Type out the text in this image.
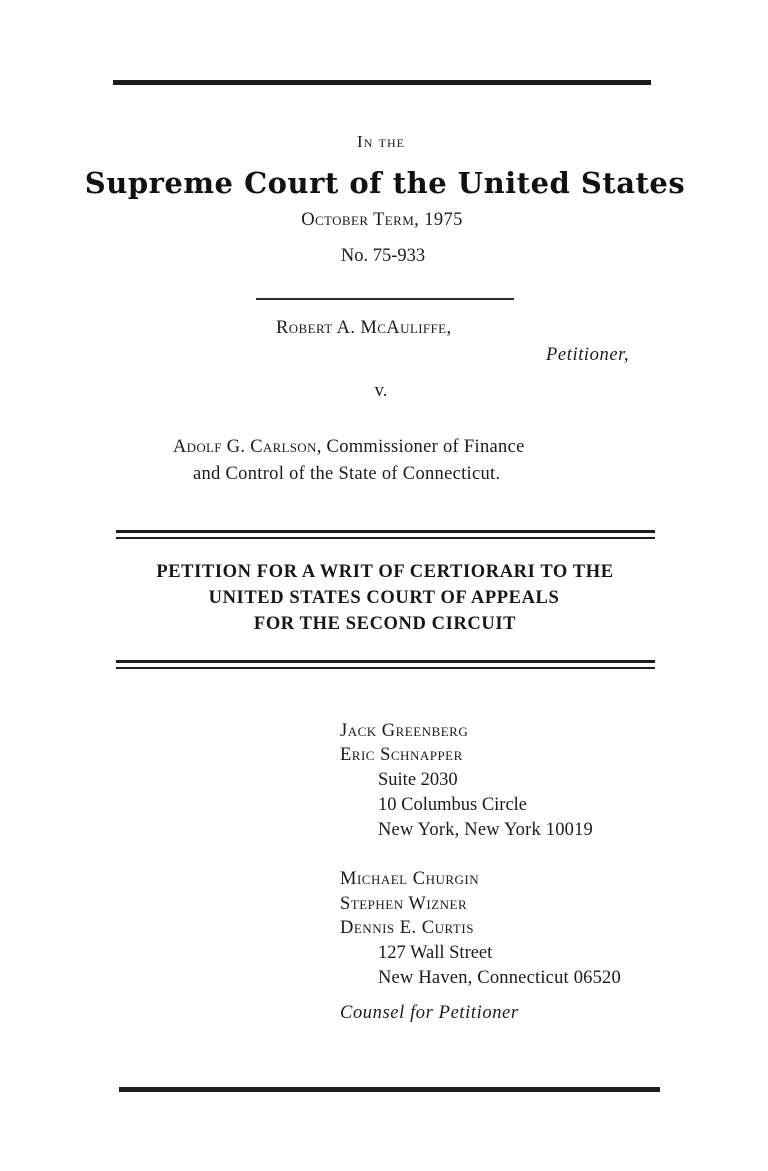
In the
Supreme Court of the United States
October Term, 1975
No. 75-933
Robert A. McAuliffe,
Petitioner,
v.
Adolf G. Carlson, Commissioner of Finance
and Control of the State of Connecticut.
PETITION FOR A WRIT OF CERTIORARI TO THE
UNITED STATES COURT OF APPEALS
FOR THE SECOND CIRCUIT
Jack Greenberg
Eric Schnapper
Suite 2030
10 Columbus Circle
New York, New York 10019
Michael Churgin
Stephen Wizner
Dennis E. Curtis
127 Wall Street
New Haven, Connecticut 06520
Counsel for Petitioner
